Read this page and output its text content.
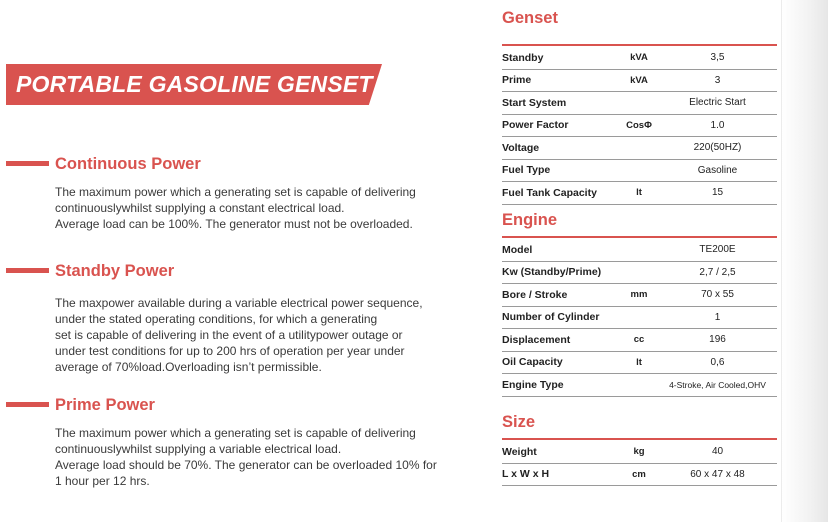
PORTABLE GASOLINE GENSET
Continuous Power
The maximum power which a generating set is capable of delivering
continuouslywhilst supplying a constant electrical load.
Average load can be 100%. The generator must not be overloaded.
Standby Power
The maxpower available during a variable electrical power sequence,
under the stated operating conditions, for which a generating
set is capable of delivering in the event of a utilitypower outage or
under test conditions for up to 200 hrs of operation per year under
average of 70%load.Overloading isn’t permissible.
Prime Power
The maximum power which a generating set is capable of delivering
continuouslywhilst supplying a variable electrical load.
Average load should be 70%. The generator can be overloaded 10% for
1 hour per 12 hrs.
Genset
Standby	kVA	3,5
Prime	kVA	3
Start System		Electric Start
Power Factor	CosΦ	1.0
Voltage		220(50HZ)
Fuel Type		Gasoline
Fuel Tank Capacity	lt	15
Engine
Model		TE200E
Kw (Standby/Prime)		2,7 / 2,5
Bore / Stroke	mm	70 x 55
Number of Cylinder		1
Displacement	cc	196
Oil Capacity	lt	0,6
Engine Type		4-Stroke, Air Cooled,OHV
Size
Weight	kg	40
L x W x H	cm	60 x 47 x 48
